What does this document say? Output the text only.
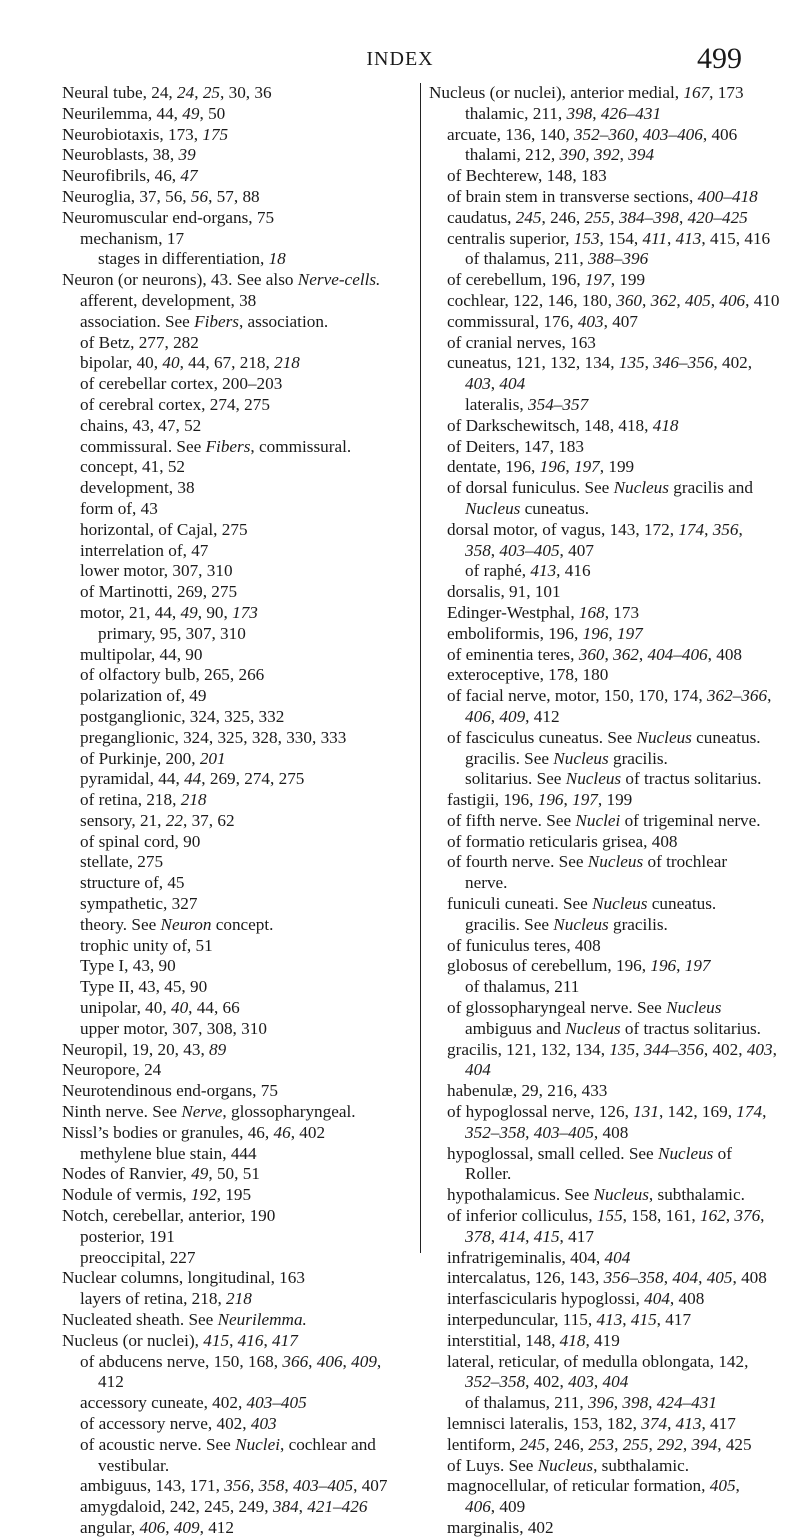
INDEX	499
Neural tube, 24, 24, 25, 30, 36
Neurilemma, 44, 49, 50
Neurobiotaxis, 173, 175
Neuroblasts, 38, 39
Neurofibrils, 46, 47
Neuroglia, 37, 56, 56, 57, 88
Neuromuscular end-organs, 75
mechanism, 17
stages in differentiation, 18
Neuron (or neurons), 43. See also Nerve-cells.
afferent, development, 38
association. See Fibers, association.
of Betz, 277, 282
bipolar, 40, 40, 44, 67, 218, 218
of cerebellar cortex, 200–203
of cerebral cortex, 274, 275
chains, 43, 47, 52
commissural. See Fibers, commissural.
concept, 41, 52
development, 38
form of, 43
horizontal, of Cajal, 275
interrelation of, 47
lower motor, 307, 310
of Martinotti, 269, 275
motor, 21, 44, 49, 90, 173
primary, 95, 307, 310
multipolar, 44, 90
of olfactory bulb, 265, 266
polarization of, 49
postganglionic, 324, 325, 332
preganglionic, 324, 325, 328, 330, 333
of Purkinje, 200, 201
pyramidal, 44, 44, 269, 274, 275
of retina, 218, 218
sensory, 21, 22, 37, 62
of spinal cord, 90
stellate, 275
structure of, 45
sympathetic, 327
theory. See Neuron concept.
trophic unity of, 51
Type I, 43, 90
Type II, 43, 45, 90
unipolar, 40, 40, 44, 66
upper motor, 307, 308, 310
Neuropil, 19, 20, 43, 89
Neuropore, 24
Neurotendinous end-organs, 75
Ninth nerve. See Nerve, glossopharyngeal.
Nissl’s bodies or granules, 46, 46, 402
methylene blue stain, 444
Nodes of Ranvier, 49, 50, 51
Nodule of vermis, 192, 195
Notch, cerebellar, anterior, 190
posterior, 191
preoccipital, 227
Nuclear columns, longitudinal, 163
layers of retina, 218, 218
Nucleated sheath. See Neurilemma.
Nucleus (or nuclei), 415, 416, 417
of abducens nerve, 150, 168, 366, 406, 409,
412
accessory cuneate, 402, 403–405
of accessory nerve, 402, 403
of acoustic nerve. See Nuclei, cochlear and
vestibular.
ambiguus, 143, 171, 356, 358, 403–405, 407
amygdaloid, 242, 245, 249, 384, 421–426
angular, 406, 409, 412
Nucleus (or nuclei), anterior medial, 167, 173
thalamic, 211, 398, 426–431
arcuate, 136, 140, 352–360, 403–406, 406
thalami, 212, 390, 392, 394
of Bechterew, 148, 183
of brain stem in transverse sections, 400–418
caudatus, 245, 246, 255, 384–398, 420–425
centralis superior, 153, 154, 411, 413, 415, 416
of thalamus, 211, 388–396
of cerebellum, 196, 197, 199
cochlear, 122, 146, 180, 360, 362, 405, 406, 410
commissural, 176, 403, 407
of cranial nerves, 163
cuneatus, 121, 132, 134, 135, 346–356, 402,
403, 404
lateralis, 354–357
of Darkschewitsch, 148, 418, 418
of Deiters, 147, 183
dentate, 196, 196, 197, 199
of dorsal funiculus. See Nucleus gracilis and
Nucleus cuneatus.
dorsal motor, of vagus, 143, 172, 174, 356,
358, 403–405, 407
of raphé, 413, 416
dorsalis, 91, 101
Edinger-Westphal, 168, 173
emboliformis, 196, 196, 197
of eminentia teres, 360, 362, 404–406, 408
exteroceptive, 178, 180
of facial nerve, motor, 150, 170, 174, 362–366,
406, 409, 412
of fasciculus cuneatus. See Nucleus cuneatus.
gracilis. See Nucleus gracilis.
solitarius. See Nucleus of tractus solitarius.
fastigii, 196, 196, 197, 199
of fifth nerve. See Nuclei of trigeminal nerve.
of formatio reticularis grisea, 408
of fourth nerve. See Nucleus of trochlear
nerve.
funiculi cuneati. See Nucleus cuneatus.
gracilis. See Nucleus gracilis.
of funiculus teres, 408
globosus of cerebellum, 196, 196, 197
of thalamus, 211
of glossopharyngeal nerve. See Nucleus
ambiguus and Nucleus of tractus solitarius.
gracilis, 121, 132, 134, 135, 344–356, 402, 403,
404
habenulæ, 29, 216, 433
of hypoglossal nerve, 126, 131, 142, 169, 174,
352–358, 403–405, 408
hypoglossal, small celled. See Nucleus of
Roller.
hypothalamicus. See Nucleus, subthalamic.
of inferior colliculus, 155, 158, 161, 162, 376,
378, 414, 415, 417
infratrigeminalis, 404, 404
intercalatus, 126, 143, 356–358, 404, 405, 408
interfascicularis hypoglossi, 404, 408
interpeduncular, 115, 413, 415, 417
interstitial, 148, 418, 419
lateral, reticular, of medulla oblongata, 142,
352–358, 402, 403, 404
of thalamus, 211, 396, 398, 424–431
lemnisci lateralis, 153, 182, 374, 413, 417
lentiform, 245, 246, 253, 255, 292, 394, 425
of Luys. See Nucleus, subthalamic.
magnocellular, of reticular formation, 405,
406, 409
marginalis, 402
